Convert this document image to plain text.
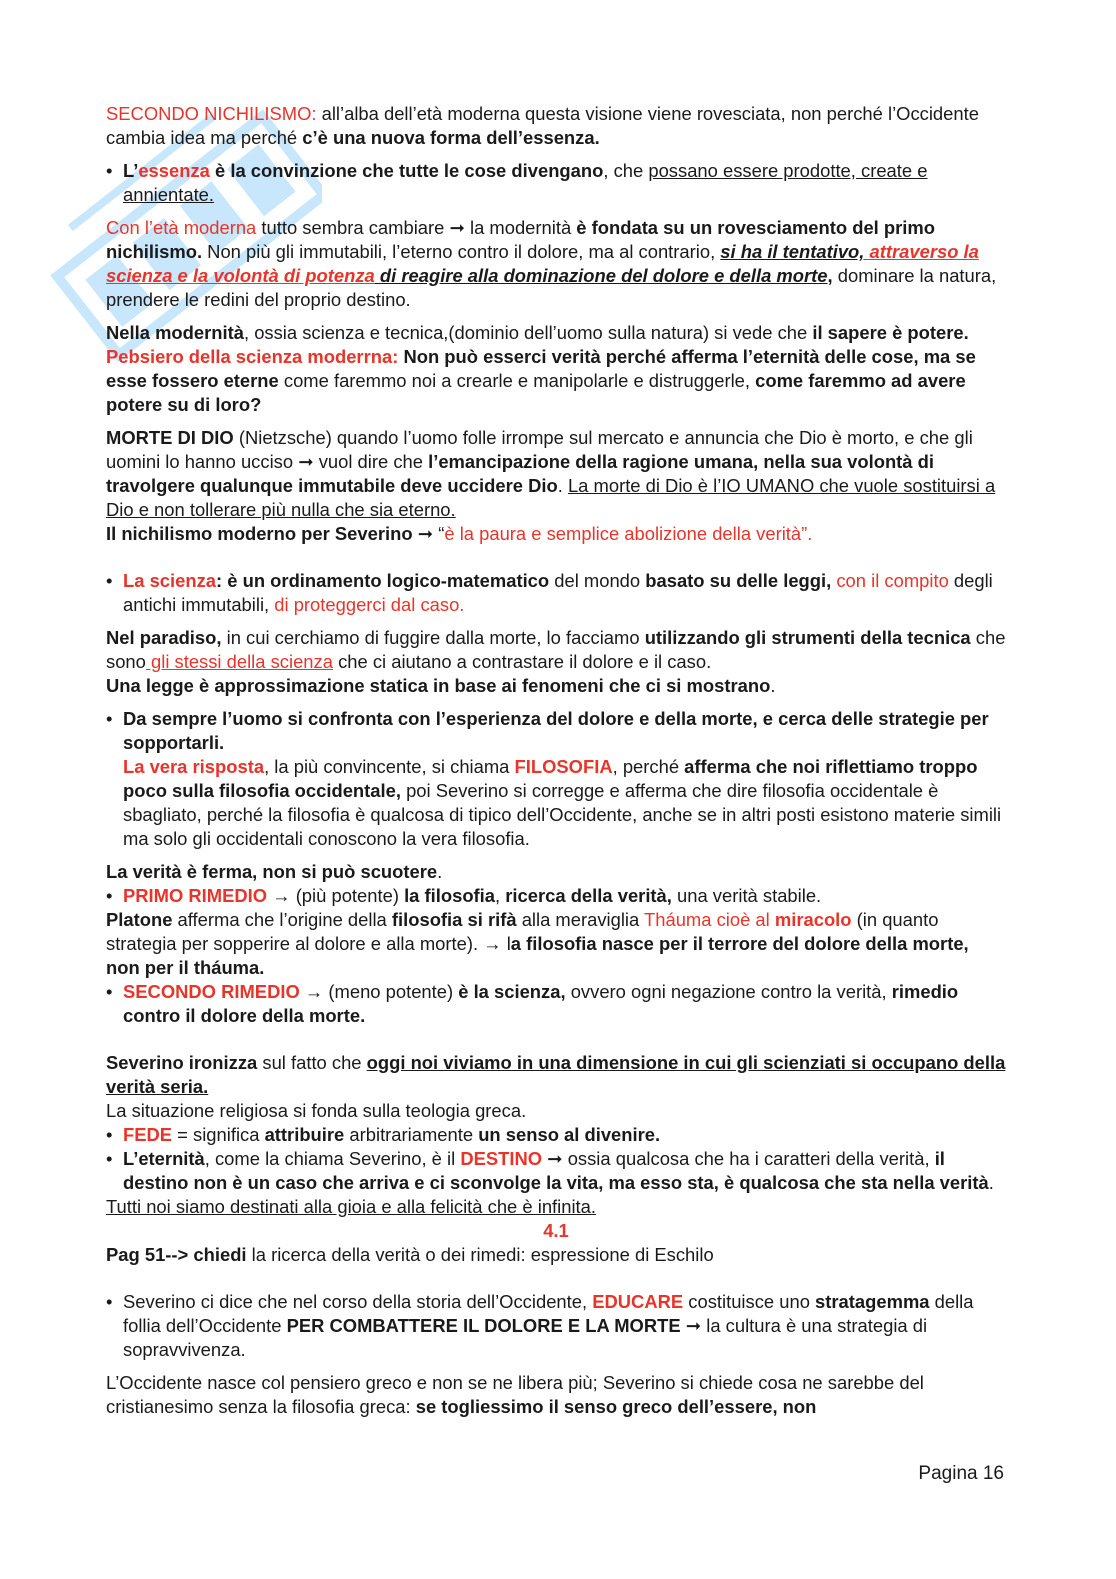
SECONDO NICHILISMO: all’alba dell’età moderna questa visione viene rovesciata, non perché l’Occidente cambia idea ma perché c’è una nuova forma dell’essenza.

• L’essenza è la convinzione che tutte le cose divengano, che possano essere prodotte, create e annientate.

Con l’età moderna tutto sembra cambiare ➞ la modernità è fondata su un rovesciamento del primo nichilismo. Non più gli immutabili, l’eterno contro il dolore, ma al contrario, si ha il tentativo, attraverso la scienza e la volontà di potenza di reagire alla dominazione del dolore e della morte, dominare la natura, prendere le redini del proprio destino.

Nella modernità, ossia scienza e tecnica,(dominio dell’uomo sulla natura) si vede che il sapere è potere.

Pebsiero della scienza moderrna: Non può esserci verità perché afferma l’eternità delle cose, ma se esse fossero eterne come faremmo noi a crearle e manipolarle e distruggerle, come faremmo ad avere potere su di loro?

MORTE DI DIO (Nietzsche) quando l’uomo folle irrompe sul mercato e annuncia che Dio è morto, e che gli uomini lo hanno ucciso ➞ vuol dire che l’emancipazione della ragione umana, nella sua volontà di travolgere qualunque immutabile deve uccidere Dio. La morte di Dio è l’IO UMANO che vuole sostituirsi a Dio e non tollerare più nulla che sia eterno.

Il nichilismo moderno per Severino ➞ “è la paura e semplice abolizione della verità”.

• La scienza: è un ordinamento logico-matematico del mondo basato su delle leggi, con il compito degli antichi immutabili, di proteggerci dal caso.

Nel paradiso, in cui cerchiamo di fuggire dalla morte, lo facciamo utilizzando gli strumenti della tecnica che sono gli stessi della scienza che ci aiutano a contrastare il dolore e il caso.

Una legge è approssimazione statica in base ai fenomeni che ci si mostrano.

• Da sempre l’uomo si confronta con l’esperienza del dolore e della morte, e cerca delle strategie per sopportarli.
La vera risposta, la più convincente, si chiama FILOSOFIA, perché afferma che noi riflettiamo troppo poco sulla filosofia occidentale, poi Severino si corregge e afferma che dire filosofia occidentale è sbagliato, perché la filosofia è qualcosa di tipico dell’Occidente, anche se in altri posti esistono materie simili ma solo gli occidentali conoscono la vera filosofia.

La verità è ferma, non si può scuotere.

• PRIMO RIMEDIO → (più potente) la filosofia, ricerca della verità, una verità stabile.

Platone afferma che l’origine della filosofia si rifà alla meraviglia Tháuma cioè al miracolo (in quanto strategia per sopperire al dolore e alla morte). → la filosofia nasce per il terrore del dolore della morte, non per il tháuma.

• SECONDO RIMEDIO → (meno potente) è la scienza, ovvero ogni negazione contro la verità, rimedio contro il dolore della morte.

Severino ironizza sul fatto che oggi noi viviamo in una dimensione in cui gli scienziati si occupano della verità seria.

La situazione religiosa si fonda sulla teologia greca.

• FEDE = significa attribuire arbitrariamente un senso al divenire.
• L’eternità, come la chiama Severino, è il DESTINO ➞ ossia qualcosa che ha i caratteri della verità, il destino non è un caso che arriva e ci sconvolge la vita, ma esso sta, è qualcosa che sta nella verità.

Tutti noi siamo destinati alla gioia e alla felicità che è infinita.

4.1

Pag 51--> chiedi la ricerca della verità o dei rimedi: espressione di Eschilo

• Severino ci dice che nel corso della storia dell’Occidente, EDUCARE costituisce uno stratagemma della follia dell’Occidente PER COMBATTERE IL DOLORE E LA MORTE ➞ la cultura è una strategia di sopravvivenza.

L’Occidente nasce col pensiero greco e non se ne libera più; Severino si chiede cosa ne sarebbe del cristianesimo senza la filosofia greca: se togliessimo il senso greco dell’essere, non

Pagina 16
